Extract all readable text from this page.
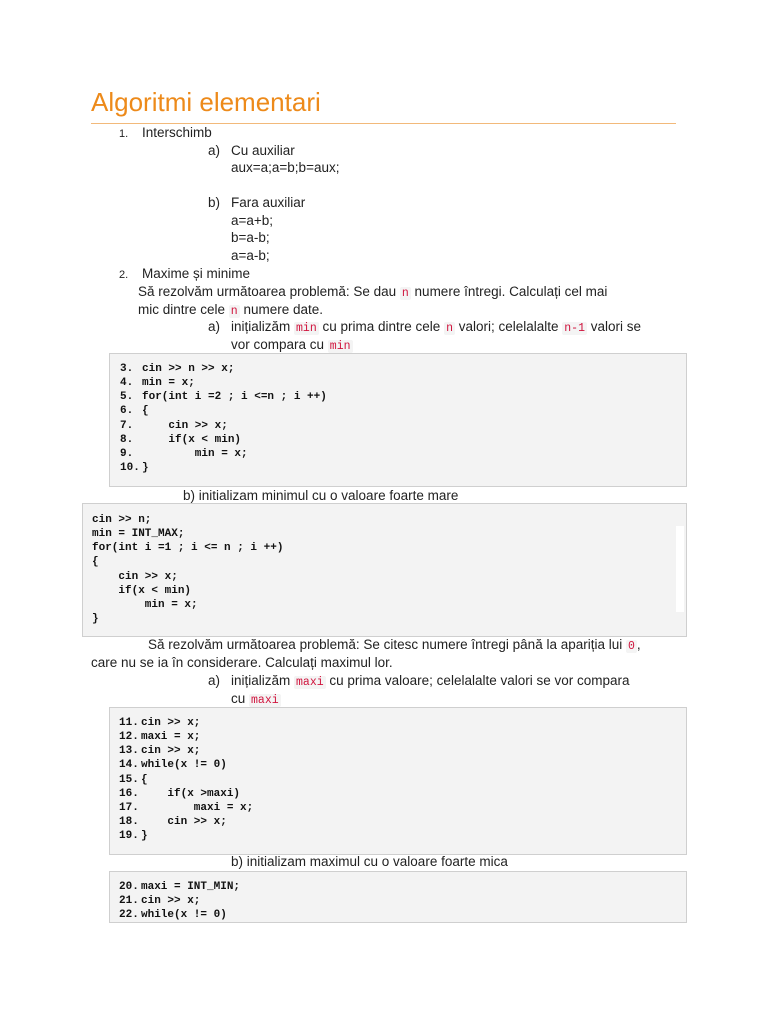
Algoritmi elementari
1. Interschimb
a) Cu auxiliar
aux=a;a=b;b=aux;
b) Fara auxiliar
a=a+b;
b=a-b;
a=a-b;
2. Maxime și minime
Să rezolvăm următoarea problemă: Se dau n numere întregi. Calculați cel mai
mic dintre cele n numere date.
a) inițializăm min cu prima dintre cele n valori; celelalalte n-1 valori se
vor compara cu min
3. cin >> n >> x;
4. min = x;
5. for(int i =2 ; i <=n ; i ++)
6. {
7.    cin >> x;
8.    if(x < min)
9.        min = x;
10. }
b) initializam minimul cu o valoare foarte mare
cin >> n;
min = INT_MAX;
for(int i =1 ; i <= n ; i ++)
{
cin >> x;
if(x < min)
min = x;
}
Să rezolvăm următoarea problemă: Se citesc numere întregi până la apariția lui 0 ,
care nu se ia în considerare. Calculați maximul lor.
a) inițializăm maxi cu prima valoare; celelalalte valori se vor compara
cu maxi
11. cin >> x;
12. maxi = x;
13. cin >> x;
14. while(x != 0)
15. {
16.    if(x >maxi)
17.        maxi = x;
18.    cin >> x;
19. }
b) initializam maximul cu o valoare foarte mica
20. maxi = INT_MIN;
21. cin >> x;
22. while(x != 0)
